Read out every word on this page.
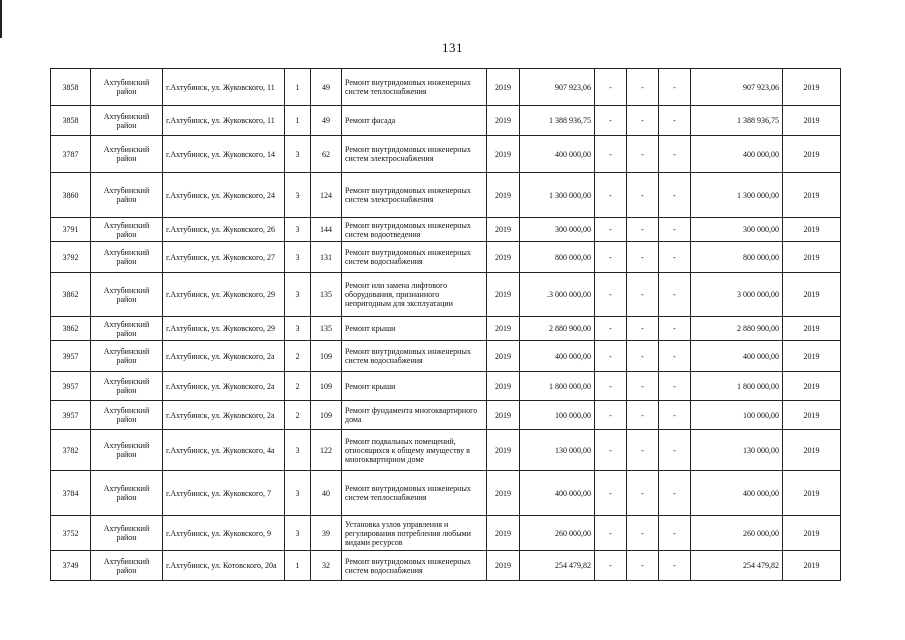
131
3858	Ахтубинский район	г.Ахтубинск, ул. Жуковского, 11	1	49	Ремонт внутридомовых инженерных систем теплоснабжения	2019	907 923,06	-	-	-	907 923,06	2019
3858	Ахтубинский район	г.Ахтубинск, ул. Жуковского, 11	1	49	Ремонт фасада	2019	1 388 936,75	-	-	-	1 388 936,75	2019
3787	Ахтубинский район	г.Ахтубинск, ул. Жуковского, 14	3	62	Ремонт внутридомовых инженерных систем электроснабжения	2019	400 000,00	-	-	-	400 000,00	2019
3860	Ахтубинский район	г.Ахтубинск, ул. Жуковского, 24	3	124	Ремонт внутридомовых инженерных систем электроснабжения	2019	1 300 000,00	-	-	-	1 300 000,00	2019
3791	Ахтубинский район	г.Ахтубинск, ул. Жуковского, 26	3	144	Ремонт внутридомовых инженерных систем водоотведения	2019	300 000,00	-	-	-	300 000,00	2019
3792	Ахтубинский район	г.Ахтубинск, ул. Жуковского, 27	3	131	Ремонт внутридомовых инженерных систем водоснабжения	2019	800 000,00	-	-	-	800 000,00	2019
3862	Ахтубинский район	г.Ахтубинск, ул. Жуковского, 29	3	135	Ремонт или замена лифтового оборудования, признанного непригодным для эксплуатации	2019	.3 000 000,00	-	-	-	3 000 000,00	2019
3862	Ахтубинский район	г.Ахтубинск, ул. Жуковского, 29	3	135	Ремонт крыши	2019	2 880 900,00	-	-	-	2 880 900,00	2019
3957	Ахтубинский район	г.Ахтубинск, ул. Жуковского, 2а	2	109	Ремонт внутридомовых инженерных систем водоснабжения	2019	400 000,00	-	-	-	400 000,00	2019
3957	Ахтубинский район	г.Ахтубинск, ул. Жуковского, 2а	2	109	Ремонт крыши	2019	1 800 000,00	-	-	-	1 800 000,00	2019
3957	Ахтубинский район	г.Ахтубинск, ул. Жуковского, 2а	2	109	Ремонт фундамента многоквартирного дома	2019	100 000,00	-	-	-	100 000,00	2019
3782	Ахтубинский район	г.Ахтубинск, ул. Жуковского, 4а	3	122	Ремонт подвальных помещений, относящихся к общему имуществу в многоквартирном доме	2019	130 000,00	-	-	-	130 000,00	2019
3784	Ахтубинский район	г.Ахтубинск, ул. Жуковского, 7	3	40	Ремонт внутридомовых инженерных систем теплоснабжения	2019	400 000,00	-	-	-	400 000,00	2019
3752	Ахтубинский район	г.Ахтубинск, ул. Жуковского, 9	3	39	Установка узлов управления и регулирования потребления любыми видами ресурсов	2019	260 000,00	-	-	-	260 000,00	2019
3749	Ахтубинский район	г.Ахтубинск, ул. Котовского, 20а	1	32	Ремонт внутридомовых инженерных систем водоснабжения	2019	254 479,82	-	-	-	254 479,82	2019
